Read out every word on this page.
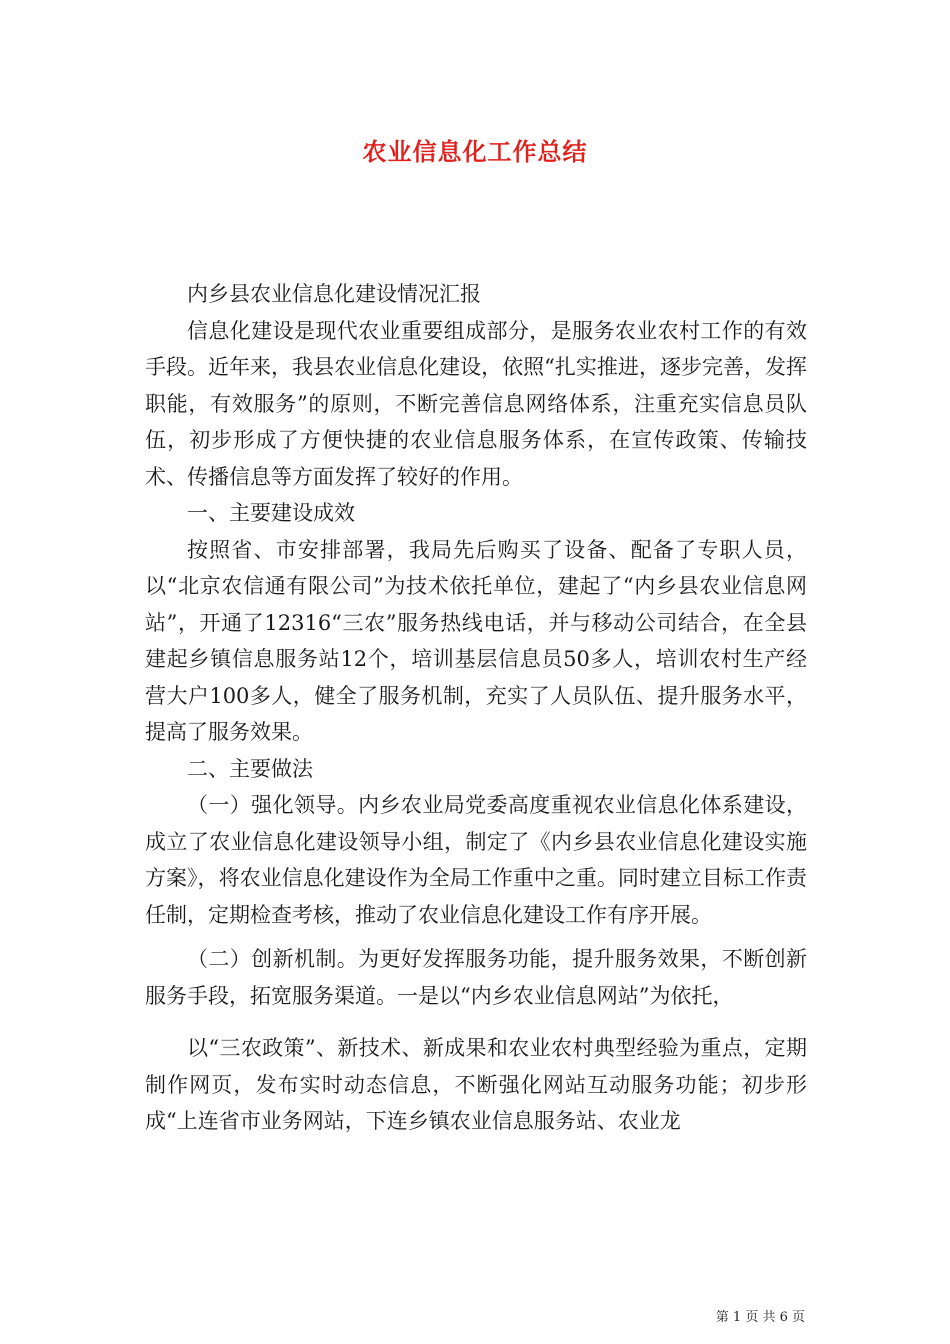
农业信息化工作总结

内乡县农业信息化建设情况汇报

信息化建设是现代农业重要组成部分，是服务农业农村工作的有效手段。近年来，我县农业信息化建设，依照“扎实推进，逐步完善，发挥职能，有效服务”的原则，不断完善信息网络体系，注重充实信息员队伍，初步形成了方便快捷的农业信息服务体系，在宣传政策、传输技术、传播信息等方面发挥了较好的作用。

一、主要建设成效

按照省、市安排部署，我局先后购买了设备、配备了专职人员，以“北京农信通有限公司”为技术依托单位，建起了“内乡县农业信息网站”，开通了12316“三农”服务热线电话，并与移动公司结合，在全县建起乡镇信息服务站12个，培训基层信息员50多人，培训农村生产经营大户100多人，健全了服务机制，充实了人员队伍、提升服务水平，提高了服务效果。

二、主要做法

（一）强化领导。内乡农业局党委高度重视农业信息化体系建设，成立了农业信息化建设领导小组，制定了《内乡县农业信息化建设实施方案》，将农业信息化建设作为全局工作重中之重。同时建立目标工作责任制，定期检查考核，推动了农业信息化建设工作有序开展。

（二）创新机制。为更好发挥服务功能，提升服务效果，不断创新服务手段，拓宽服务渠道。一是以“内乡农业信息网站”为依托，

以“三农政策”、新技术、新成果和农业农村典型经验为重点，定期制作网页，发布实时动态信息，不断强化网站互动服务功能；初步形成“上连省市业务网站，下连乡镇农业信息服务站、农业龙

第 1 页 共 6 页
